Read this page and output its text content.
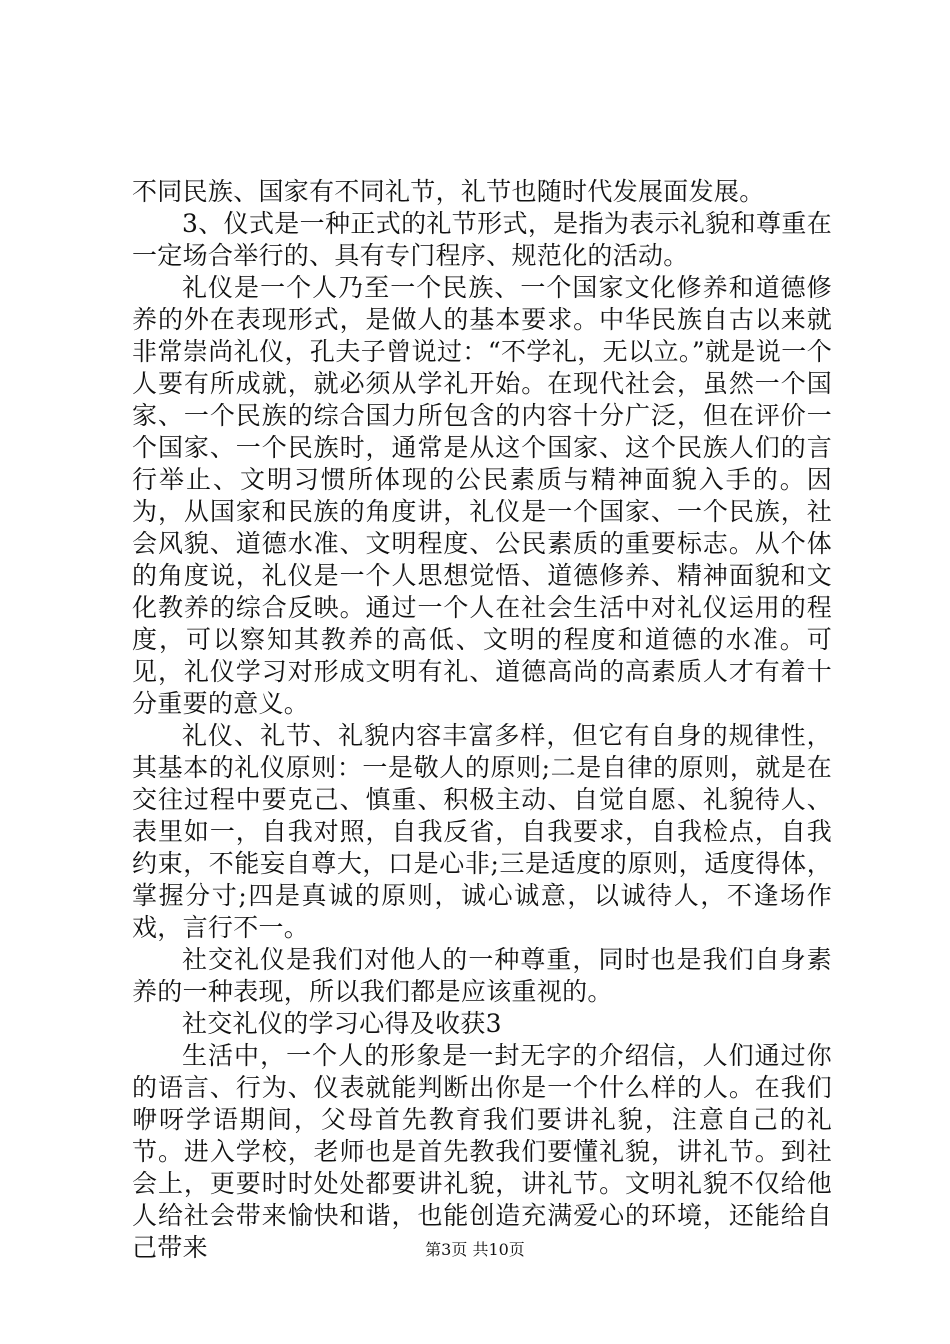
不同民族、国家有不同礼节，礼节也随时代发展面发展。

3、仪式是一种正式的礼节形式，是指为表示礼貌和尊重在一定场合举行的、具有专门程序、规范化的活动。

礼仪是一个人乃至一个民族、一个国家文化修养和道德修养的外在表现形式，是做人的基本要求。中华民族自古以来就非常崇尚礼仪，孔夫子曾说过：“不学礼，无以立。”就是说一个人要有所成就，就必须从学礼开始。在现代社会，虽然一个国家、一个民族的综合国力所包含的内容十分广泛，但在评价一个国家、一个民族时，通常是从这个国家、这个民族人们的言行举止、文明习惯所体现的公民素质与精神面貌入手的。因为，从国家和民族的角度讲，礼仪是一个国家、一个民族，社会风貌、道德水准、文明程度、公民素质的重要标志。从个体的角度说，礼仪是一个人思想觉悟、道德修养、精神面貌和文化教养的综合反映。通过一个人在社会生活中对礼仪运用的程度，可以察知其教养的高低、文明的程度和道德的水准。可见，礼仪学习对形成文明有礼、道德高尚的高素质人才有着十分重要的意义。

礼仪、礼节、礼貌内容丰富多样，但它有自身的规律性，其基本的礼仪原则：一是敬人的原则;二是自律的原则，就是在交往过程中要克己、慎重、积极主动、自觉自愿、礼貌待人、表里如一，自我对照，自我反省，自我要求，自我检点，自我约束，不能妄自尊大，口是心非;三是适度的原则，适度得体，掌握分寸;四是真诚的原则，诚心诚意，以诚待人，不逢场作戏，言行不一。

社交礼仪是我们对他人的一种尊重，同时也是我们自身素养的一种表现，所以我们都是应该重视的。

社交礼仪的学习心得及收获3

生活中，一个人的形象是一封无字的介绍信，人们通过你的语言、行为、仪表就能判断出你是一个什么样的人。在我们咿呀学语期间，父母首先教育我们要讲礼貌，注意自己的礼节。进入学校，老师也是首先教我们要懂礼貌，讲礼节。到社会上，更要时时处处都要讲礼貌，讲礼节。文明礼貌不仅给他人给社会带来愉快和谐，也能创造充满爱心的环境，还能给自己带来	第3页 共10页
